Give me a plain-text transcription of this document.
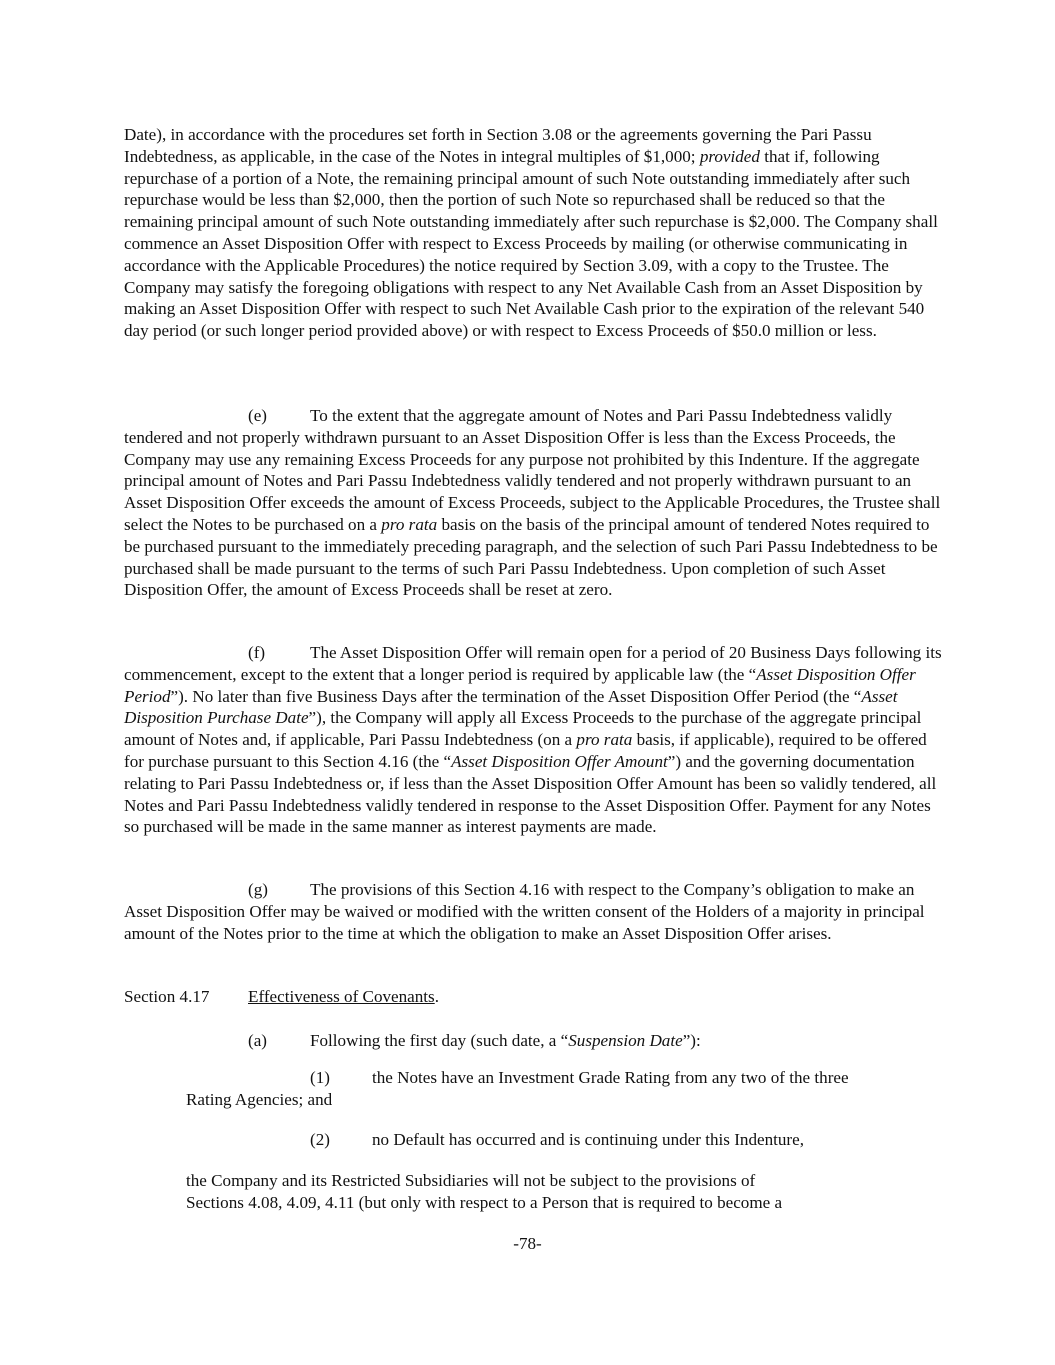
Date), in accordance with the procedures set forth in Section 3.08 or the agreements governing the Pari Passu Indebtedness, as applicable, in the case of the Notes in integral multiples of $1,000; provided that if, following repurchase of a portion of a Note, the remaining principal amount of such Note outstanding immediately after such repurchase would be less than $2,000, then the portion of such Note so repurchased shall be reduced so that the remaining principal amount of such Note outstanding immediately after such repurchase is $2,000. The Company shall commence an Asset Disposition Offer with respect to Excess Proceeds by mailing (or otherwise communicating in accordance with the Applicable Procedures) the notice required by Section 3.09, with a copy to the Trustee. The Company may satisfy the foregoing obligations with respect to any Net Available Cash from an Asset Disposition by making an Asset Disposition Offer with respect to such Net Available Cash prior to the expiration of the relevant 540 day period (or such longer period provided above) or with respect to Excess Proceeds of $50.0 million or less.

(e)	To the extent that the aggregate amount of Notes and Pari Passu Indebtedness validly tendered and not properly withdrawn pursuant to an Asset Disposition Offer is less than the Excess Proceeds, the Company may use any remaining Excess Proceeds for any purpose not prohibited by this Indenture. If the aggregate principal amount of Notes and Pari Passu Indebtedness validly tendered and not properly withdrawn pursuant to an Asset Disposition Offer exceeds the amount of Excess Proceeds, subject to the Applicable Procedures, the Trustee shall select the Notes to be purchased on a pro rata basis on the basis of the principal amount of tendered Notes required to be purchased pursuant to the immediately preceding paragraph, and the selection of such Pari Passu Indebtedness to be purchased shall be made pursuant to the terms of such Pari Passu Indebtedness. Upon completion of such Asset Disposition Offer, the amount of Excess Proceeds shall be reset at zero.

(f)	The Asset Disposition Offer will remain open for a period of 20 Business Days following its commencement, except to the extent that a longer period is required by applicable law (the “Asset Disposition Offer Period”). No later than five Business Days after the termination of the Asset Disposition Offer Period (the “Asset Disposition Purchase Date”), the Company will apply all Excess Proceeds to the purchase of the aggregate principal amount of Notes and, if applicable, Pari Passu Indebtedness (on a pro rata basis, if applicable), required to be offered for purchase pursuant to this Section 4.16 (the “Asset Disposition Offer Amount”) and the governing documentation relating to Pari Passu Indebtedness or, if less than the Asset Disposition Offer Amount has been so validly tendered, all Notes and Pari Passu Indebtedness validly tendered in response to the Asset Disposition Offer. Payment for any Notes so purchased will be made in the same manner as interest payments are made.

(g) The provisions of this Section 4.16 with respect to the Company’s obligation to make an Asset Disposition Offer may be waived or modified with the written consent of the Holders of a majority in principal amount of the Notes prior to the time at which the obligation to make an Asset Disposition Offer arises.

Section 4.17 Effectiveness of Covenants.

(a)	Following the first day (such date, a “Suspension Date”):

(1) the Notes have an Investment Grade Rating from any two of the three
Rating Agencies; and

(2) no Default has occurred and is continuing under this Indenture,

the Company and its Restricted Subsidiaries will not be subject to the provisions of
Sections 4.08, 4.09, 4.11 (but only with respect to a Person that is required to become a

-78-
